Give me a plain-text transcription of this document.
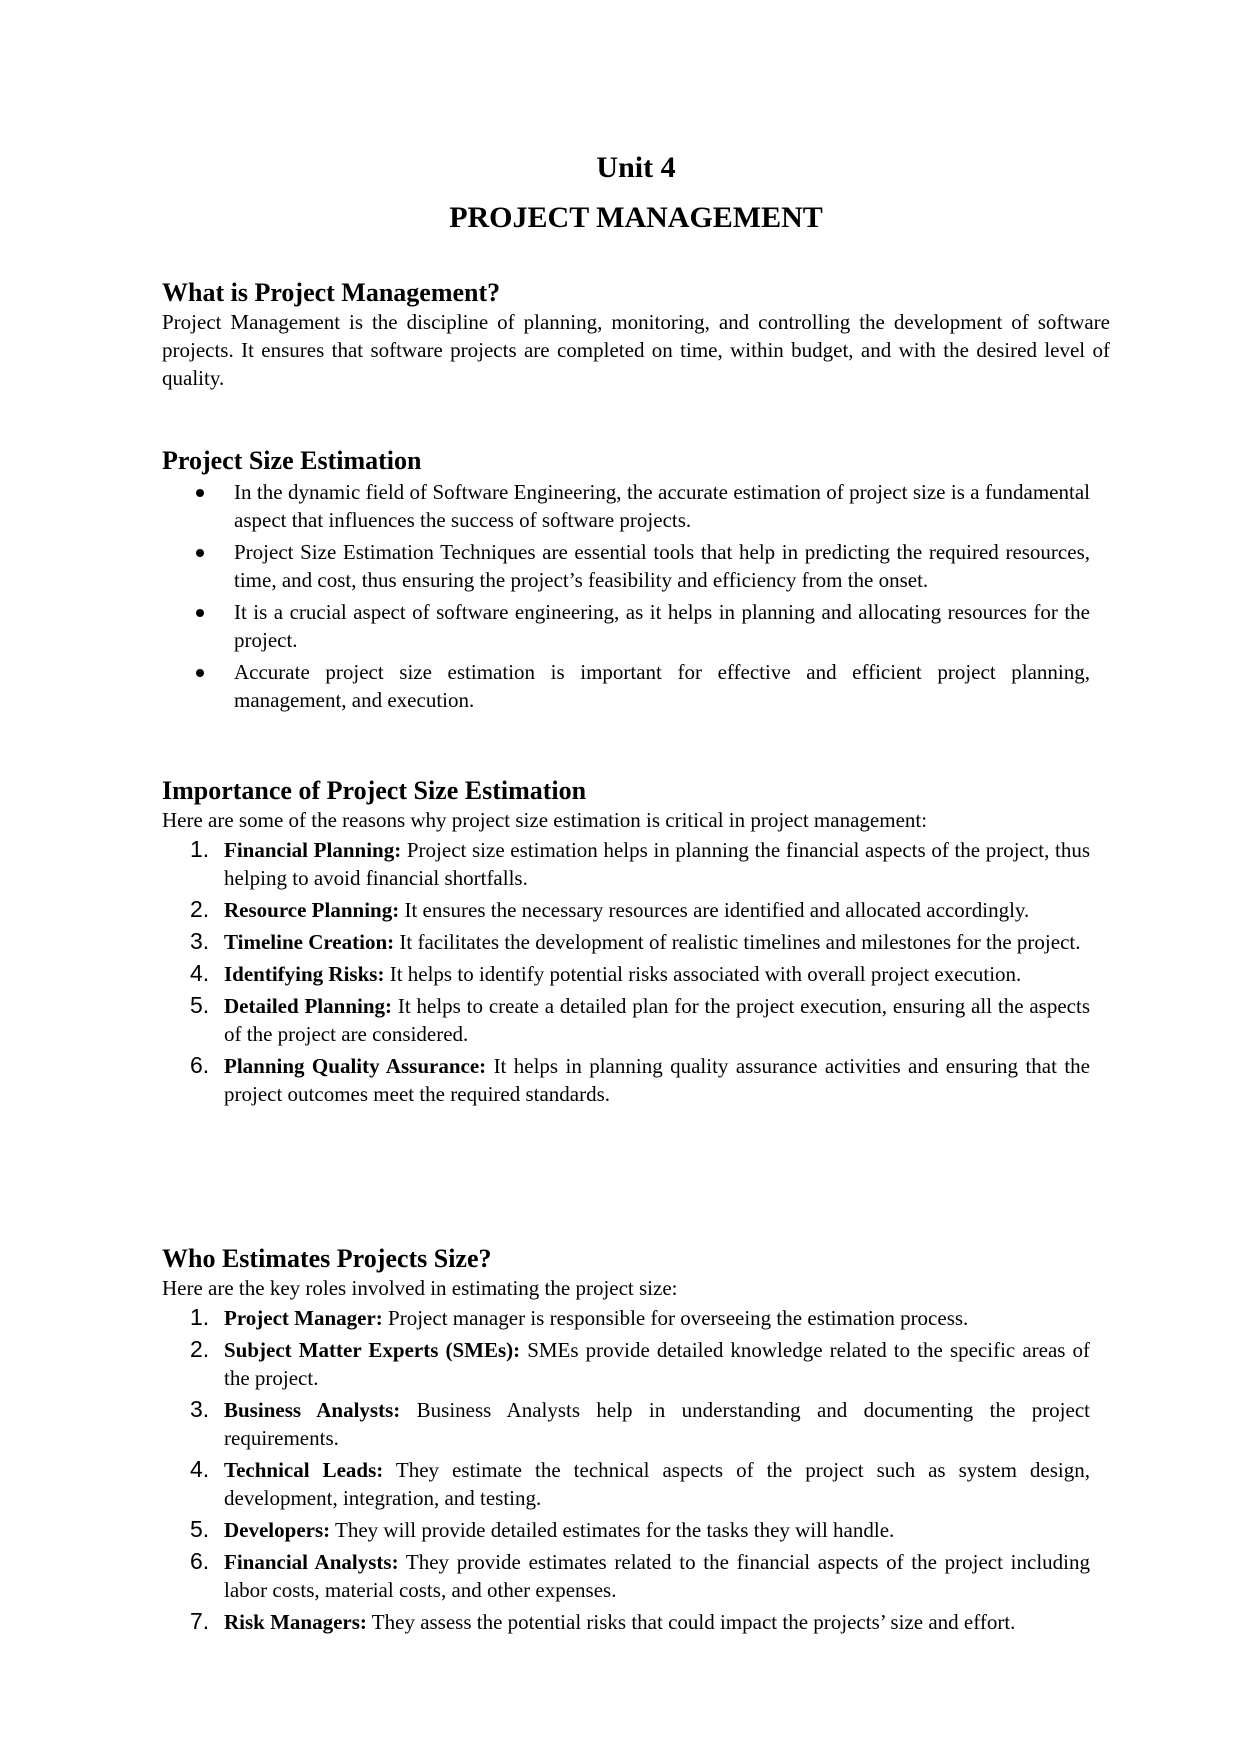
Unit 4
PROJECT MANAGEMENT
What is Project Management?

Project Management is the discipline of planning, monitoring, and controlling the development of software projects. It ensures that software projects are completed on time, within budget, and with the desired level of quality.

Project Size Estimation
In the dynamic field of Software Engineering, the accurate estimation of project size is a fundamental aspect that influences the success of software projects.
Project Size Estimation Techniques are essential tools that help in predicting the required resources, time, and cost, thus ensuring the project’s feasibility and efficiency from the onset.
It is a crucial aspect of software engineering, as it helps in planning and allocating resources for the project.
Accurate project size estimation is important for effective and efficient project planning, management, and execution.
Importance of Project Size Estimation

Here are some of the reasons why project size estimation is critical in project management:

1. Financial Planning: Project size estimation helps in planning the financial aspects of the project, thus helping to avoid financial shortfalls.
2. Resource Planning: It ensures the necessary resources are identified and allocated accordingly.
3. Timeline Creation: It facilitates the development of realistic timelines and milestones for the project.
4. Identifying Risks: It helps to identify potential risks associated with overall project execution.
5. Detailed Planning: It helps to create a detailed plan for the project execution, ensuring all the aspects of the project are considered.
6. Planning Quality Assurance: It helps in planning quality assurance activities and ensuring that the project outcomes meet the required standards.
Who Estimates Projects Size?

Here are the key roles involved in estimating the project size:

1. Project Manager: Project manager is responsible for overseeing the estimation process.
2. Subject Matter Experts (SMEs): SMEs provide detailed knowledge related to the specific areas of the project.
3. Business Analysts: Business Analysts help in understanding and documenting the project requirements.
4. Technical Leads: They estimate the technical aspects of the project such as system design, development, integration, and testing.
5. Developers: They will provide detailed estimates for the tasks they will handle.
6. Financial Analysts: They provide estimates related to the financial aspects of the project including labor costs, material costs, and other expenses.
7. Risk Managers: They assess the potential risks that could impact the projects’ size and effort.
